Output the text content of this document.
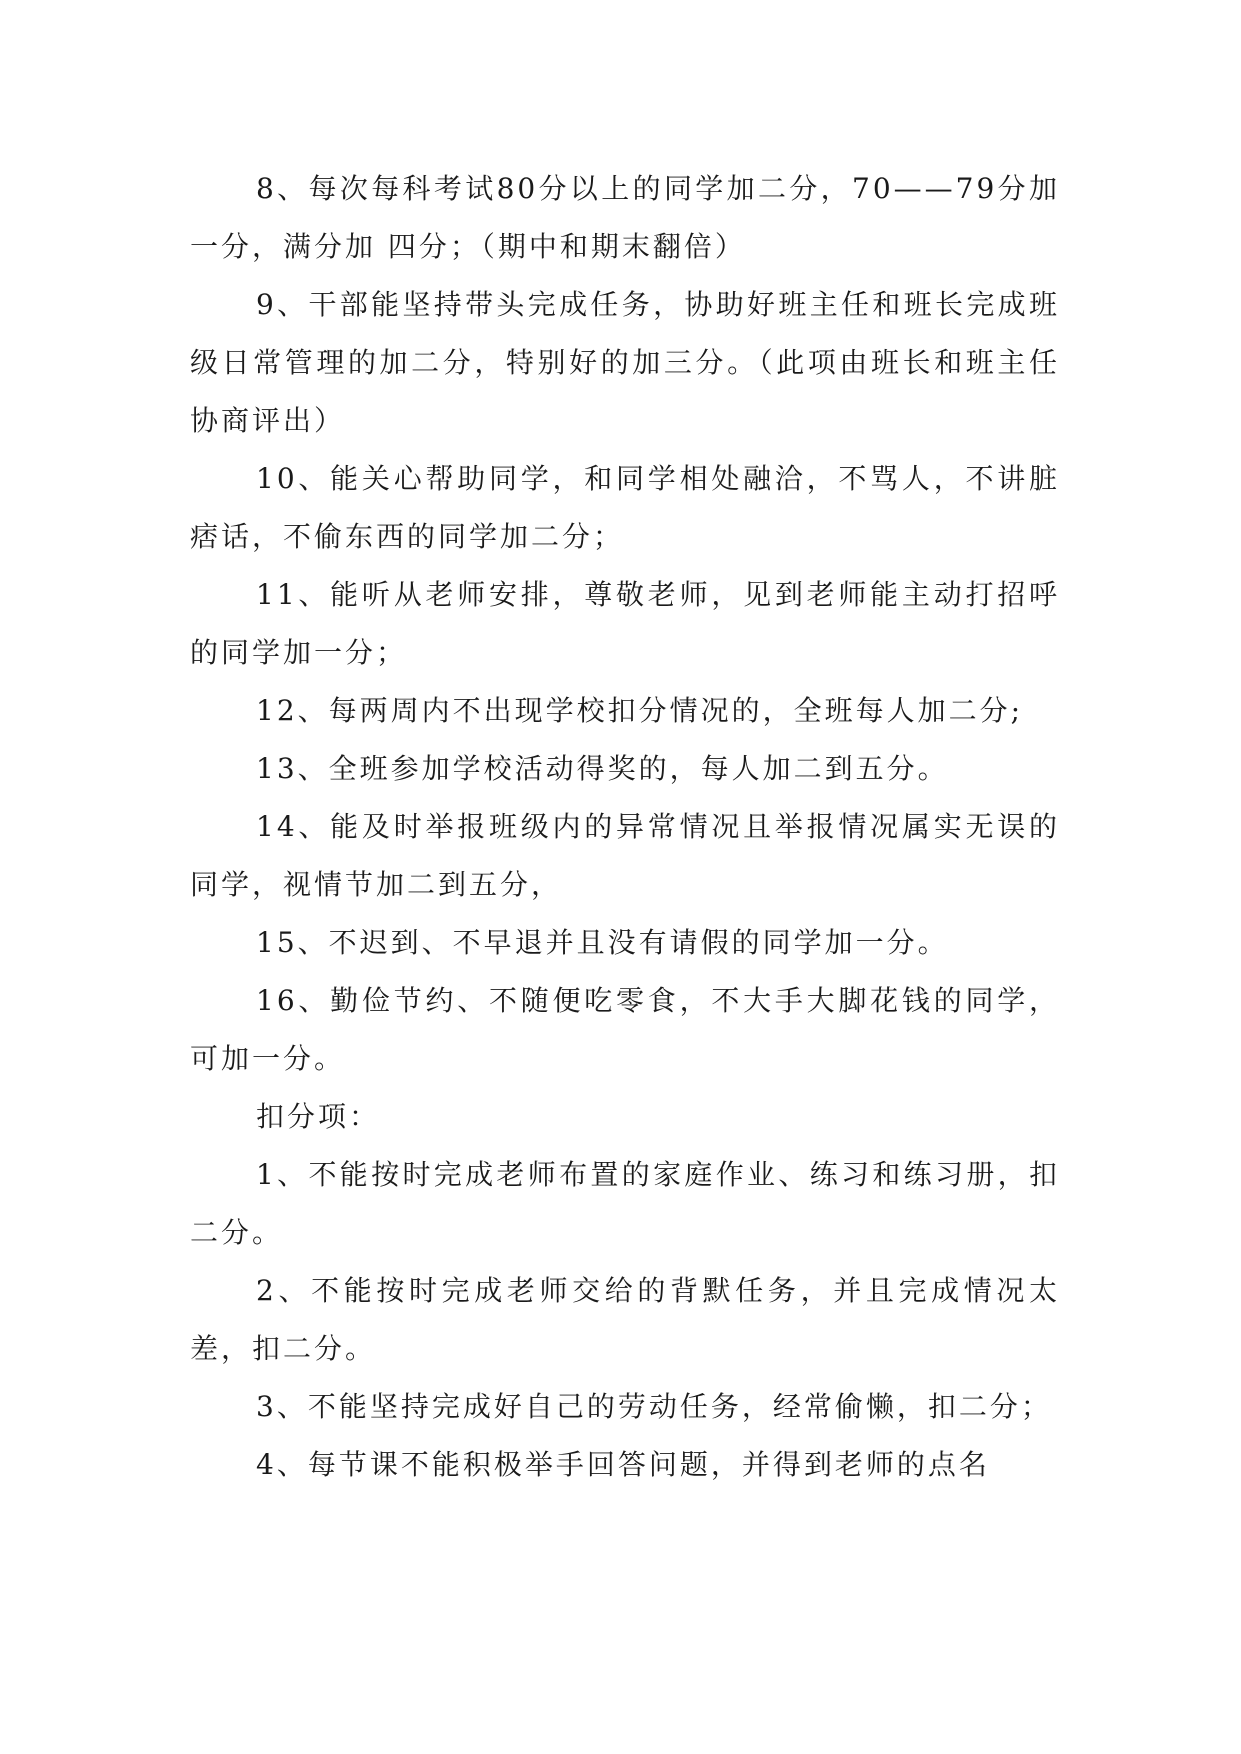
8、每次每科考试80分以上的同学加二分，70——79分加一分，满分加 四分；（期中和期末翻倍）

9、干部能坚持带头完成任务，协助好班主任和班长完成班级日常管理的加二分，特别好的加三分。（此项由班长和班主任协商评出）

10、能关心帮助同学，和同学相处融洽，不骂人，不讲脏痞话，不偷东西的同学加二分；

11、能听从老师安排，尊敬老师，见到老师能主动打招呼的同学加一分；

12、每两周内不出现学校扣分情况的，全班每人加二分;

13、全班参加学校活动得奖的，每人加二到五分。

14、能及时举报班级内的异常情况且举报情况属实无误的同学，视情节加二到五分，

15、不迟到、不早退并且没有请假的同学加一分。

16、勤俭节约、不随便吃零食，不大手大脚花钱的同学，可加一分。

扣分项：

1、不能按时完成老师布置的家庭作业、练习和练习册，扣二分。

2、不能按时完成老师交给的背默任务，并且完成情况太差，扣二分。

3、不能坚持完成好自己的劳动任务，经常偷懒，扣二分；

4、每节课不能积极举手回答问题，并得到老师的点名
